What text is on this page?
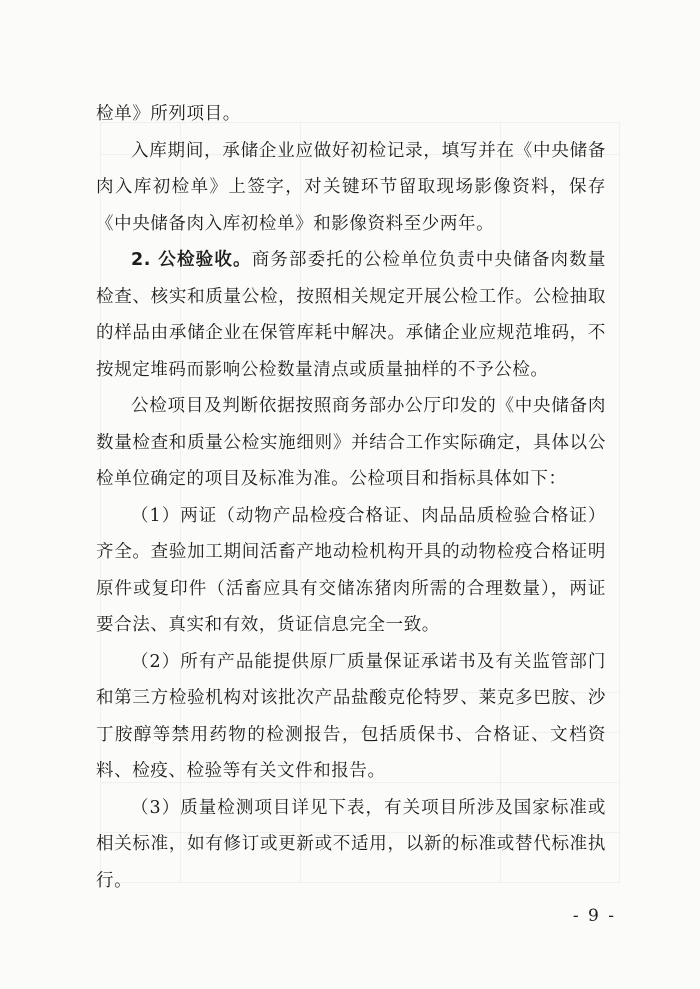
检单》所列项目。

入库期间，承储企业应做好初检记录，填写并在《中央储备肉入库初检单》上签字，对关键环节留取现场影像资料，保存《中央储备肉入库初检单》和影像资料至少两年。

2. 公检验收。商务部委托的公检单位负责中央储备肉数量检查、核实和质量公检，按照相关规定开展公检工作。公检抽取的样品由承储企业在保管库耗中解决。承储企业应规范堆码，不按规定堆码而影响公检数量清点或质量抽样的不予公检。

公检项目及判断依据按照商务部办公厅印发的《中央储备肉数量检查和质量公检实施细则》并结合工作实际确定，具体以公检单位确定的项目及标准为准。公检项目和指标具体如下：

（1）两证（动物产品检疫合格证、肉品品质检验合格证）齐全。查验加工期间活畜产地动检机构开具的动物检疫合格证明原件或复印件（活畜应具有交储冻猪肉所需的合理数量），两证要合法、真实和有效，货证信息完全一致。

（2）所有产品能提供原厂质量保证承诺书及有关监管部门和第三方检验机构对该批次产品盐酸克伦特罗、莱克多巴胺、沙丁胺醇等禁用药物的检测报告，包括质保书、合格证、文档资料、检疫、检验等有关文件和报告。

（3）质量检测项目详见下表，有关项目所涉及国家标准或相关标准，如有修订或更新或不适用，以新的标准或替代标准执行。

- 9 -
